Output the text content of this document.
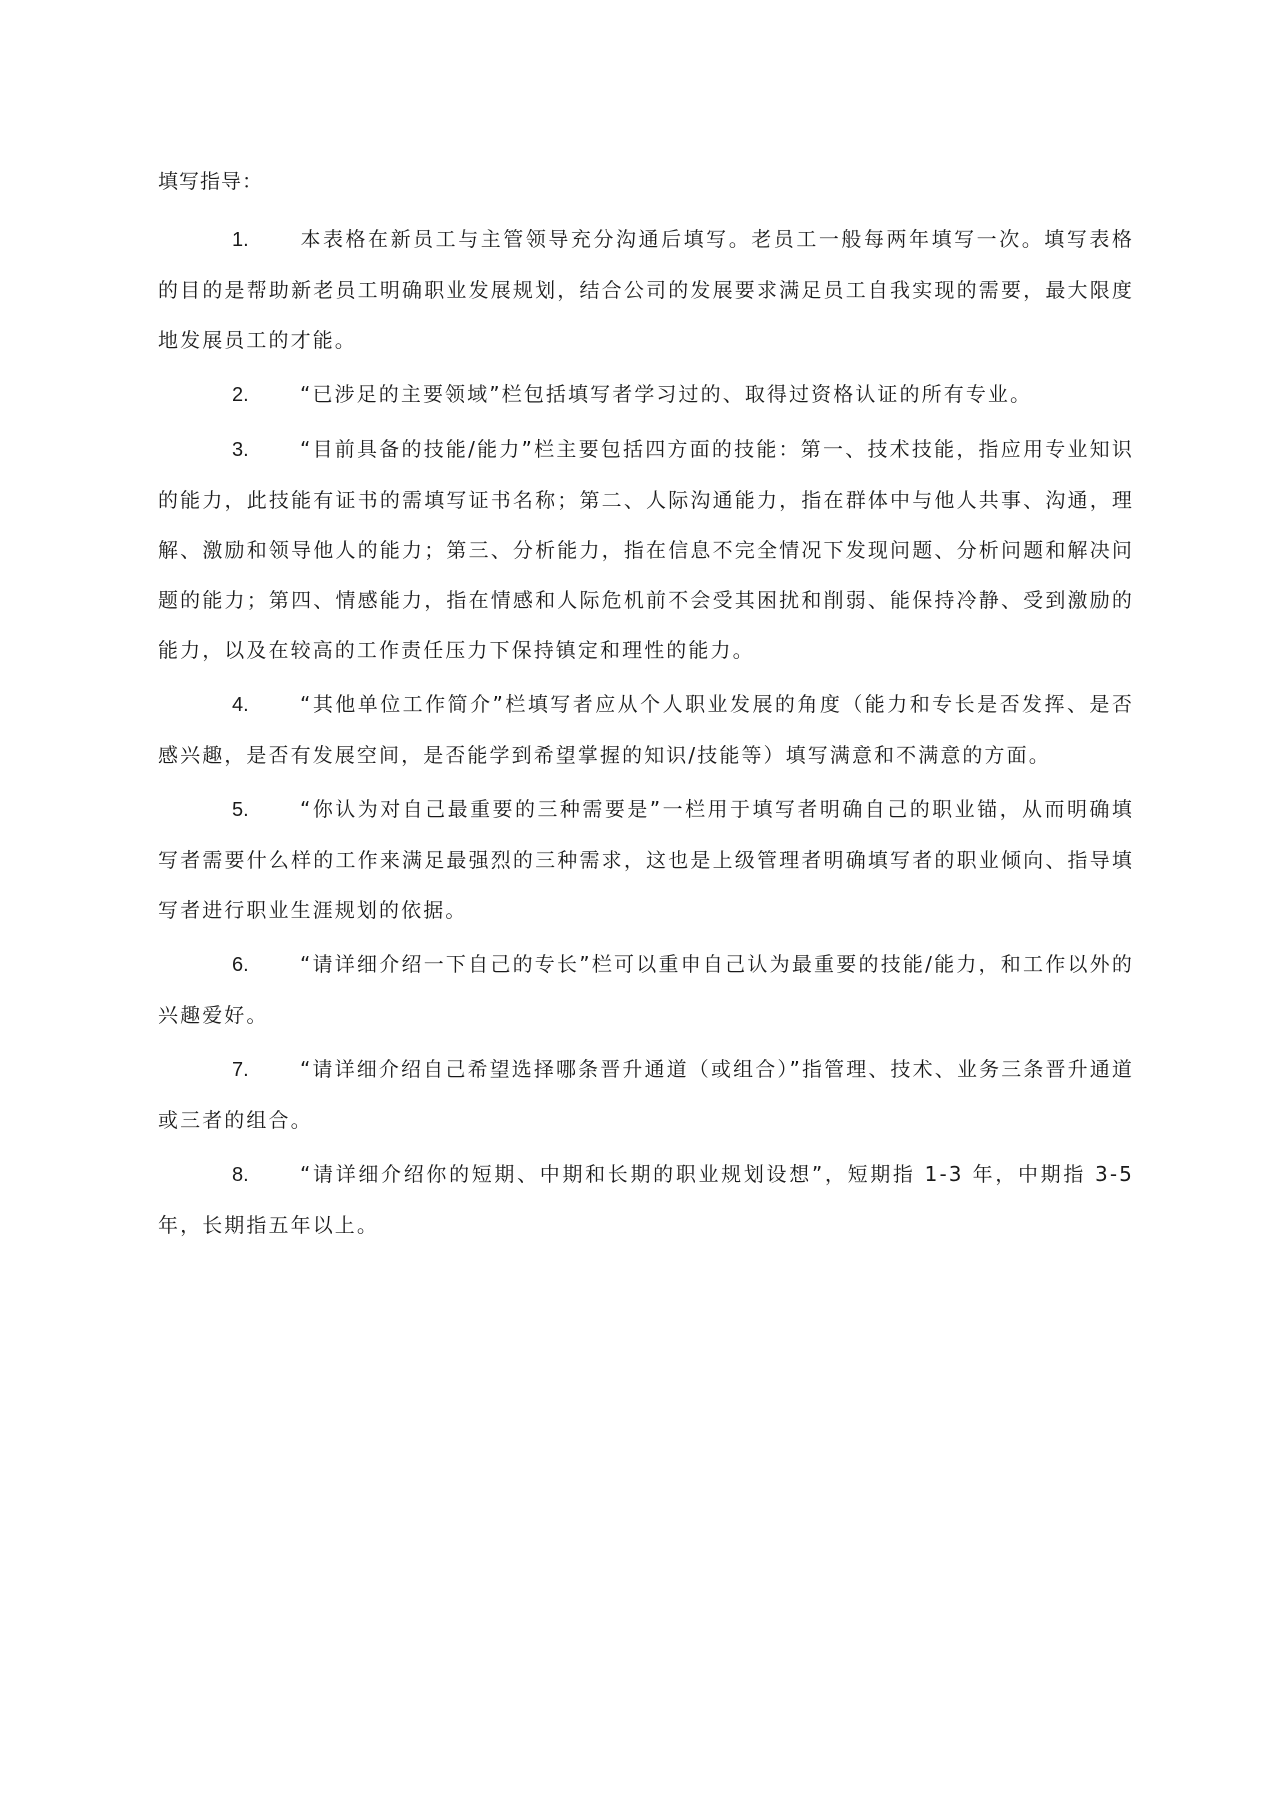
填写指导：
1.	本表格在新员工与主管领导充分沟通后填写。老员工一般每两年填写一次。填写表格的目的是帮助新老员工明确职业发展规划，结合公司的发展要求满足员工自我实现的需要，最大限度地发展员工的才能。
2.	“已涉足的主要领域”栏包括填写者学习过的、取得过资格认证的所有专业。
3.	“目前具备的技能/能力”栏主要包括四方面的技能：第一、技术技能，指应用专业知识的能力，此技能有证书的需填写证书名称；第二、人际沟通能力，指在群体中与他人共事、沟通，理解、激励和领导他人的能力；第三、分析能力，指在信息不完全情况下发现问题、分析问题和解决问题的能力；第四、情感能力，指在情感和人际危机前不会受其困扰和削弱、能保持冷静、受到激励的能力，以及在较高的工作责任压力下保持镇定和理性的能力。
4.	“其他单位工作简介”栏填写者应从个人职业发展的角度（能力和专长是否发挥、是否感兴趣，是否有发展空间，是否能学到希望掌握的知识/技能等）填写满意和不满意的方面。
5.	“你认为对自己最重要的三种需要是”一栏用于填写者明确自己的职业锚，从而明确填写者需要什么样的工作来满足最强烈的三种需求，这也是上级管理者明确填写者的职业倾向、指导填写者进行职业生涯规划的依据。
6.	“请详细介绍一下自己的专长”栏可以重申自己认为最重要的技能/能力，和工作以外的兴趣爱好。
7.	“请详细介绍自己希望选择哪条晋升通道（或组合）”指管理、技术、业务三条晋升通道或三者的组合。
8.	“请详细介绍你的短期、中期和长期的职业规划设想”，短期指 1-3 年，中期指 3-5 年，长期指五年以上。
